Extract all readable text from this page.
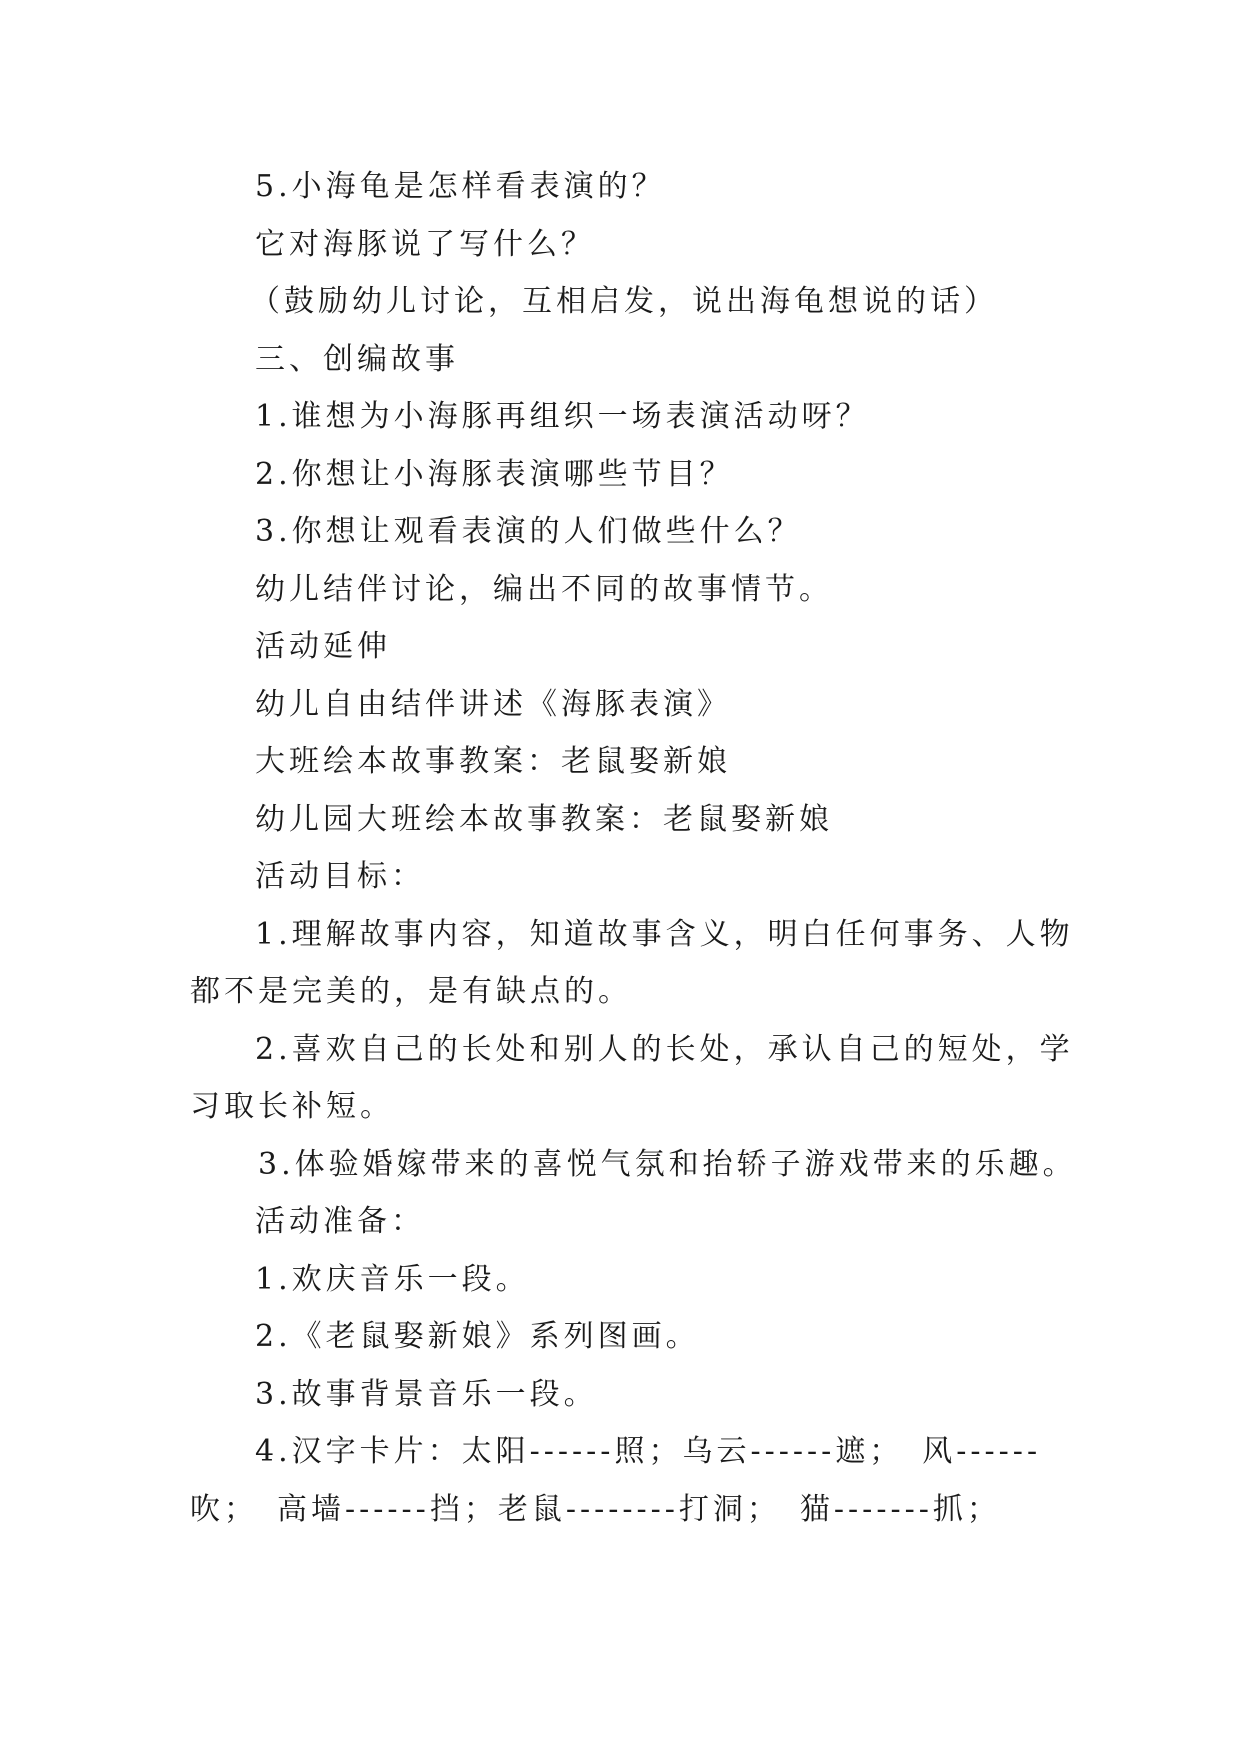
5.小海龟是怎样看表演的？

它对海豚说了写什么？

（鼓励幼儿讨论，互相启发，说出海龟想说的话）

三、创编故事

1.谁想为小海豚再组织一场表演活动呀？

2.你想让小海豚表演哪些节目？

3.你想让观看表演的人们做些什么？

幼儿结伴讨论，编出不同的故事情节。

活动延伸

幼儿自由结伴讲述《海豚表演》

大班绘本故事教案：老鼠娶新娘

幼儿园大班绘本故事教案：老鼠娶新娘

活动目标：

1.理解故事内容，知道故事含义，明白任何事务、人物

都不是完美的，是有缺点的。

2.喜欢自己的长处和别人的长处，承认自己的短处，学

习取长补短。

3.体验婚嫁带来的喜悦气氛和抬轿子游戏带来的乐趣。

活动准备：

1.欢庆音乐一段。

2.《老鼠娶新娘》系列图画。

3.故事背景音乐一段。

4.汉字卡片：太阳------照；乌云------遮；　风------

吹；　高墙------挡；老鼠--------打洞；　猫-------抓；
